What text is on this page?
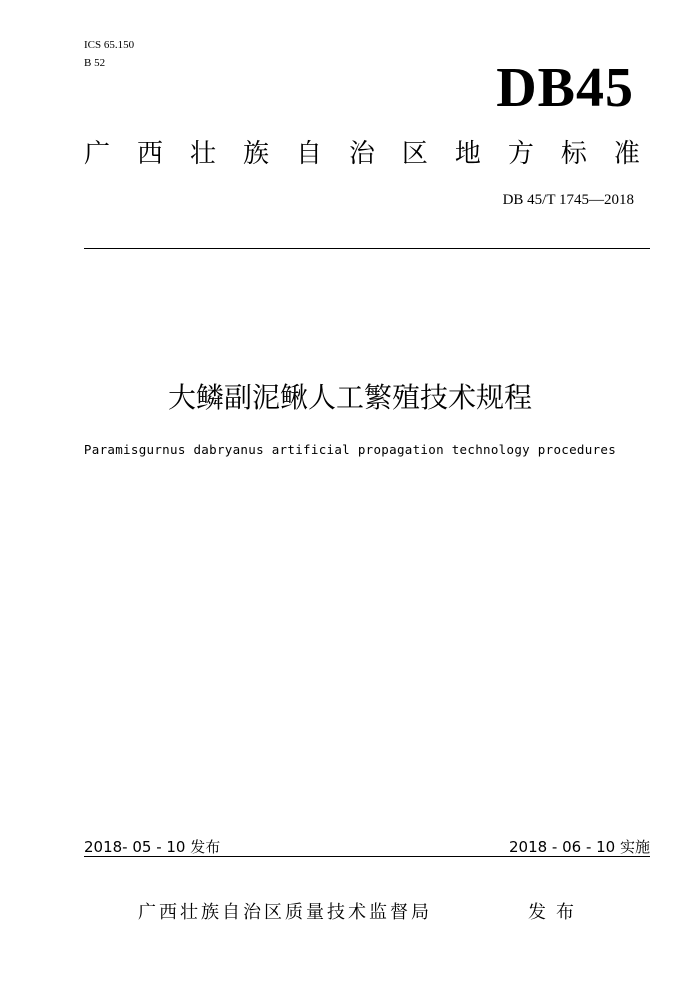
ICS 65.150
B 52	DB45
广 西 壮 族 自 治 区 地 方 标 准
DB 45/T 1745—2018
大鳞副泥鳅人工繁殖技术规程
Paramisgurnus dabryanus artificial propagation technology procedures
2018- 05 - 10 发布	2018 - 06 - 10 实施
广西壮族自治区质量技术监督局	发布
